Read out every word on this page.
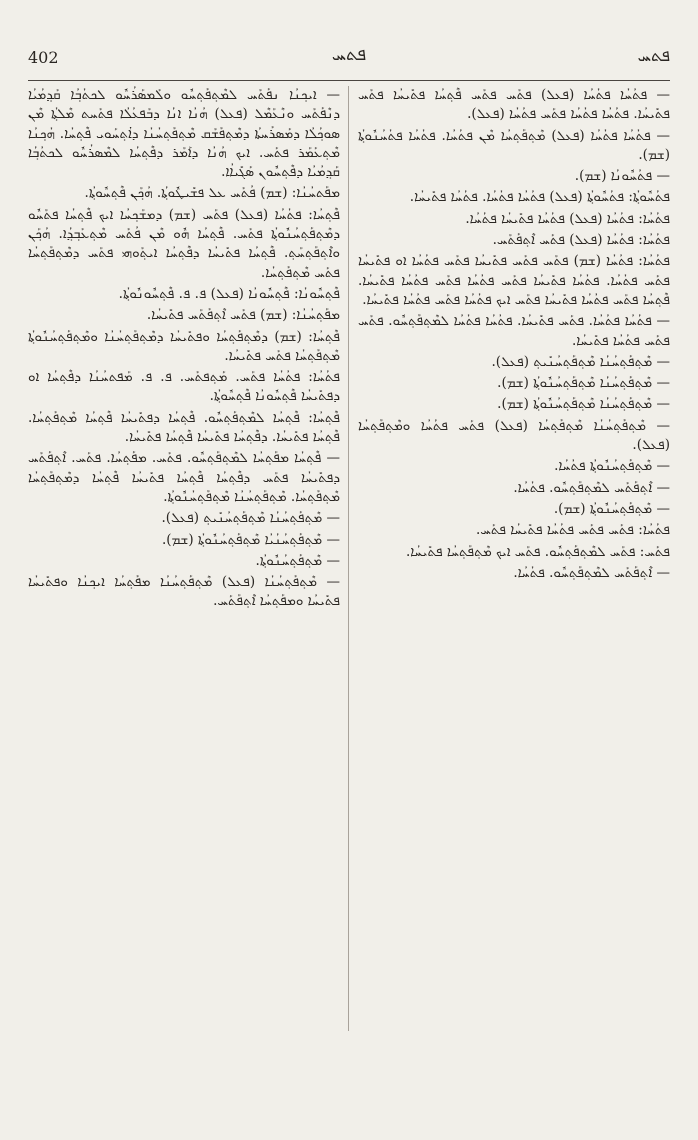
402	ܦܬܚ	ܦܬܚ

— ܐܝܟ݂ܢܳܐ ܢܦܰܬܰܚ ܠܡܶܬ݂ܦܰܬ݂ܚܽܘ ܘܠܰܡܣܰܪܳܚܽܘ ܠܟܬܳܒ݂ܳܐ ܩܰܕ݂ܡܳܝܳܐ ܕܢܶܦܰܬܰܚ ܘܢܶܥܰܡܶܠ (ܦܥܠ) ܗܳܢܳܐ ܐܢܳܐ ܕܒܰܦܥܳܠܳܐ ܦܬܰܚܬ ܡܶܠܬ݂ܳܐ ܡܶܢ ܣܘܟ݂ܳܠܳܐ ܕܡܰܣܪܰܚܬܳܐ ܕܡܶܬ݂ܦܰܫܰܩ ܡܶܬ݂ܦܰܬ݂ܚܳܢܳܐ ܕܐܳܬ݂ܚܰܘܝ ܦܶܬ݂ܚܳܐ. ܗܳܟ݂ܢܳܐ ܡܶܬ݂ܥܰܡܰܪ ܦܬܰܚ. ܐܝܟ ܗܳܢܳܐ ܕܐܰܡܰܪ ܕܦܶܬ݂ܚܳܐ ܠܡܶܣܪܳܚܽܘ ܠܟܬܳܒ݂ܳܐ ܩܰܕ݂ܡܳܝܳܐ ܕܦܶܬ݂ܚܽܘܢ ܣܰܓܺܝܐܳܐ.

ܡܦܰܬܚܳܢܳܐ: (ܫܡ) ܦܳܬܰܚ ܥܠ ܦܫܺܝܛܽܘܬ݂ܳܐ. ܗܳܟ݂ܰܢ ܦܶܬ݂ܚܽܘܬ݂ܳܐ.

ܦܶܬ݂ܚܳܐ: ܦܬܳܚܳܐ (ܦܥܠ) ܦܬܰܚ (ܫܡ) ܕܡܫܰܟ݂ܚܳܐ ܐܝܟ ܦܶܬ݂ܚܳܐ ܦܬܰܚܽܘ ܕܡܶܬ݂ܦܰܬ݂ܚܳܢܽܘܬ݂ܳܐ ܦܬܰܚ. ܦܶܬ݂ܚܳܐ ܗܽܘ ܡܶܢ ܦܳܬܰܚ ܡܶܬ݂ܥܰܒ݂ܕ݂ܳܐ. ܗܳܟ݂ܰܢ ܘܐܶܬ݂ܦܰܬ݂ܚܰܬ݂. ܦܶܬ݂ܚܳܐ ܦܬܺܝܚܳܐ ܕܦܶܬ݂ܚܳܐ ܐܝܬ݂ܰܘܗܝ ܦܬܰܚ ܕܡܶܬ݂ܦܰܬ݂ܚܳܐ ܦܬܰܚ ܡܶܬ݂ܦܰܬ݂ܚܳܐ.

ܦܶܬ݂ܚܽܘܢܳܐ: ܦܶܬ݂ܚܽܘܢܳܐ (ܦܥܠ) ܦ. ܦ. ܦܶܬ݂ܚܽܘܢܽܘܬ݂ܳܐ.

ܡܦܰܬ݂ܚܳܢܳܐ: (ܫܡ) ܦܬܰܚ ܐܶܬ݂ܦܰܬܰܚ ܦܬܺܝܚܳܐ.

ܦܶܬ݂ܚܳܐ: (ܫܡ) ܕܡܶܬ݂ܦܰܬ݂ܚܳܐ ܘܦܬܺܝܚܳܐ ܕܡܶܬ݂ܦܰܬ݂ܚܳܢܳܐ ܘܡܶܬ݂ܦܰܬ݂ܚܳܢܽܘܬ݂ܳܐ ܡܶܬ݂ܦܰܬ݂ܚܳܐ ܦܬܰܚ ܦܬܺܝܚܳܐ.

ܦܬܳܚܳܐ: ܦܬܳܚܳܐ ܦܬܰܚ. ܡܰܬ݂ܦܬܰܚ. ܦ. ܦ. ܡܰܦܬܚܳܢܳܐ ܕܦܶܬ݂ܚܳܐ ܐܘ ܕܦܬܺܝܚܳܐ ܦܶܬ݂ܚܽܘܢܳܐ ܦܶܬ݂ܚܽܘܬ݂ܳܐ.

ܦܶܬ݂ܚܳܐ: ܦܶܬ݂ܚܳܐ ܠܡܶܬ݂ܦܰܬ݂ܚܽܘ. ܦܶܬ݂ܚܳܐ ܕܦܬܺܝܚܳܐ ܦܶܬ݂ܚܳܐ ܡܶܬ݂ܦܰܬ݂ܚܳܐ. ܦܶܬ݂ܚܳܐ ܦܬܺܝܚܳܐ. ܕܦܶܬ݂ܚܳܐ ܦܬܺܝܚܳܐ ܦܶܬ݂ܚܳܐ ܦܬܺܝܚܳܐ.

— ܦܶܬ݂ܚܳܐ ܡܦܰܬ݂ܚܳܐ ܠܡܶܬ݂ܦܰܬ݂ܚܽܘ. ܦܬܰܚ. ܡܦܰܬ݂ܚܳܐ. ܦܬܰܚ. ܐܶܬ݂ܦܰܬܰܚ ܕܦܬܺܝܚܳܐ ܦܬܰܚ ܕܦܶܬ݂ܚܳܐ ܦܶܬ݂ܚܳܐ ܦܬܺܝܚܳܐ ܦܶܬ݂ܚܳܐ ܕܡܶܬ݂ܦܰܬ݂ܚܳܐ ܡܶܬ݂ܦܰܬ݂ܚܳܐ. ܡܶܬ݂ܦܰܬ݂ܚܳܢܳܐ ܡܶܬ݂ܦܰܬ݂ܚܳܢܽܘܬ݂ܳܐ.

— ܡܶܬ݂ܦܰܬ݂ܚܳܢܳܐ ܡܶܬ݂ܦܰܬ݂ܚܳܢܺܝܬ݂ (ܦܥܠ).

— ܡܶܬ݂ܦܰܬ݂ܚܳܢܳܝܳܐ ܡܶܬ݂ܦܰܬ݂ܚܳܢܽܘܬ݂ܳܐ (ܫܡ).

— ܡܶܬ݂ܦܰܬ݂ܚܳܢܽܘܬ݂ܳܐ.

— ܡܶܬ݂ܦܰܬ݂ܚܳܢܳܐ (ܦܥܠ) ܡܶܬ݂ܦܰܬ݂ܚܳܢܳܐ ܡܦܰܬ݂ܚܳܐ ܐܝܟ݂ܢܳܐ ܘܦܬܺܝܚܳܐ ܦܬܺܝܚܳܐ ܘܡܦܰܬ݂ܚܳܐ ܐܶܬ݂ܦܰܬܰܚ.

— ܦܬܳܚܳܐ ܦܬܳܚܳܐ (ܦܥܠ) ܦܬܰܚ ܦܬܰܚ ܦܶܬ݂ܚܳܐ ܦܬܺܝܚܳܐ ܦܬܰܚ ܦܬܺܝܚܳܐ. ܦܬܳܚܳܐ ܦܬܳܚܳܐ ܦܬܰܚ ܦܬܳܚܳܐ (ܦܥܠ).

— ܦܬܳܚܳܐ ܦܬܳܚܳܐ (ܦܥܠ) ܡܶܬ݂ܦܰܬ݂ܚܳܐ ܡܶܢ ܦܬܳܚܳܐ. ܦܬܳܚܳܐ ܦܬܳܚܳܢܽܘܬ݂ܳܐ (ܫܡ).

— ܦܬܳܚܽܘܢܳܐ (ܫܡ).

ܦܬܳܚܽܘܬ݂ܳܐ: ܦܬܳܚܽܘܬ݂ܳܐ (ܦܥܠ) ܦܬܳܚܳܐ ܦܬܳܚܳܐ. ܦܬܳܚܳܐ ܦܬܺܝܚܳܐ.

ܦܬܳܚܳܐ: ܦܬܳܚܳܐ (ܦܥܠ) ܦܬܳܚܳܐ ܦܬܺܝܚܳܐ ܦܬܳܚܳܐ.

ܦܬܳܚܳܐ: ܦܬܳܚܳܐ (ܦܥܠ) ܦܬܰܚ ܐܶܬ݂ܦܰܬܰܚ.

ܦܬܳܚܳܐ: ܦܬܳܚܳܐ (ܫܡ) ܦܬܰܚ ܦܬܰܚ ܦܬܺܝܚܳܐ ܦܬܰܚ ܦܬܳܚܳܐ ܐܘ ܦܬܺܝܚܳܐ ܦܬܰܚ ܦܬܳܚܳܐ. ܦܬܳܚܳܐ ܦܬܺܝܚܳܐ ܦܬܰܚ ܦܬܳܚܳܐ ܦܬܰܚ ܦܬܳܚܳܐ ܦܬܺܝܚܳܐ. ܦܶܬ݂ܚܳܐ ܦܬܰܚ ܦܬܳܚܳܐ ܦܬܺܝܚܳܐ ܦܬܰܚ ܐܝܟ ܦܬܳܚܳܐ ܦܬܰܚ ܦܬܳܚܳܐ ܦܬܺܝܚܳܐ.

— ܦܬܳܚܳܐ ܦܬܳܚܳܐ. ܦܬܰܚ ܦܬܺܝܚܳܐ. ܦܬܳܚܳܐ ܦܬܳܚܳܐ ܠܡܶܬ݂ܦܰܬ݂ܚܽܘ. ܦܬܰܚ ܦܬܰܚ ܦܬܳܚܳܐ ܦܬܺܝܚܳܐ.

— ܡܶܬ݂ܦܰܬ݂ܚܳܢܳܐ ܡܶܬ݂ܦܰܬ݂ܚܳܢܺܝܬ݂ (ܦܥܠ).

— ܡܶܬ݂ܦܰܬ݂ܚܳܢܳܐ ܡܶܬ݂ܦܰܬ݂ܚܳܢܽܘܬ݂ܳܐ (ܫܡ).

— ܡܶܬ݂ܦܰܬ݂ܚܳܢܳܐ ܡܶܬ݂ܦܰܬ݂ܚܳܢܽܘܬ݂ܳܐ (ܫܡ).

— ܡܶܬ݂ܦܰܬ݂ܚܳܢܳܐ ܡܶܬ݂ܦܰܬ݂ܚܳܐ (ܦܥܠ) ܦܬܰܚ ܦܬܳܚܳܐ ܘܡܶܬ݂ܦܰܬ݂ܚܳܐ (ܦܥܠ).

— ܡܶܬ݂ܦܰܬ݂ܚܳܢܽܘܬ݂ܳܐ ܦܬܳܚܳܐ.

— ܐܶܬ݂ܦܰܬܰܚ ܠܡܶܬ݂ܦܰܬ݂ܚܽܘ. ܦܬܳܚܳܐ.

— ܡܶܬ݂ܦܰܬ݂ܚܳܢܽܘܬ݂ܳܐ (ܫܡ).

ܦܬܳܚܳܐ: ܦܬܰܚ ܦܬܰܚ ܦܬܳܚܳܐ ܦܬܺܝܚܳܐ ܦܬܰܚ.

ܦܬܰܚ: ܦܬܰܚ ܠܡܶܬ݂ܦܰܬ݂ܚܽܘ. ܦܬܰܚ ܐܝܟ ܡܶܬ݂ܦܰܬ݂ܚܳܐ ܦܬܺܝܚܳܐ.

— ܐܶܬ݂ܦܰܬܰܚ ܠܡܶܬ݂ܦܰܬ݂ܚܽܘ. ܦܬܳܚܳܐ.
